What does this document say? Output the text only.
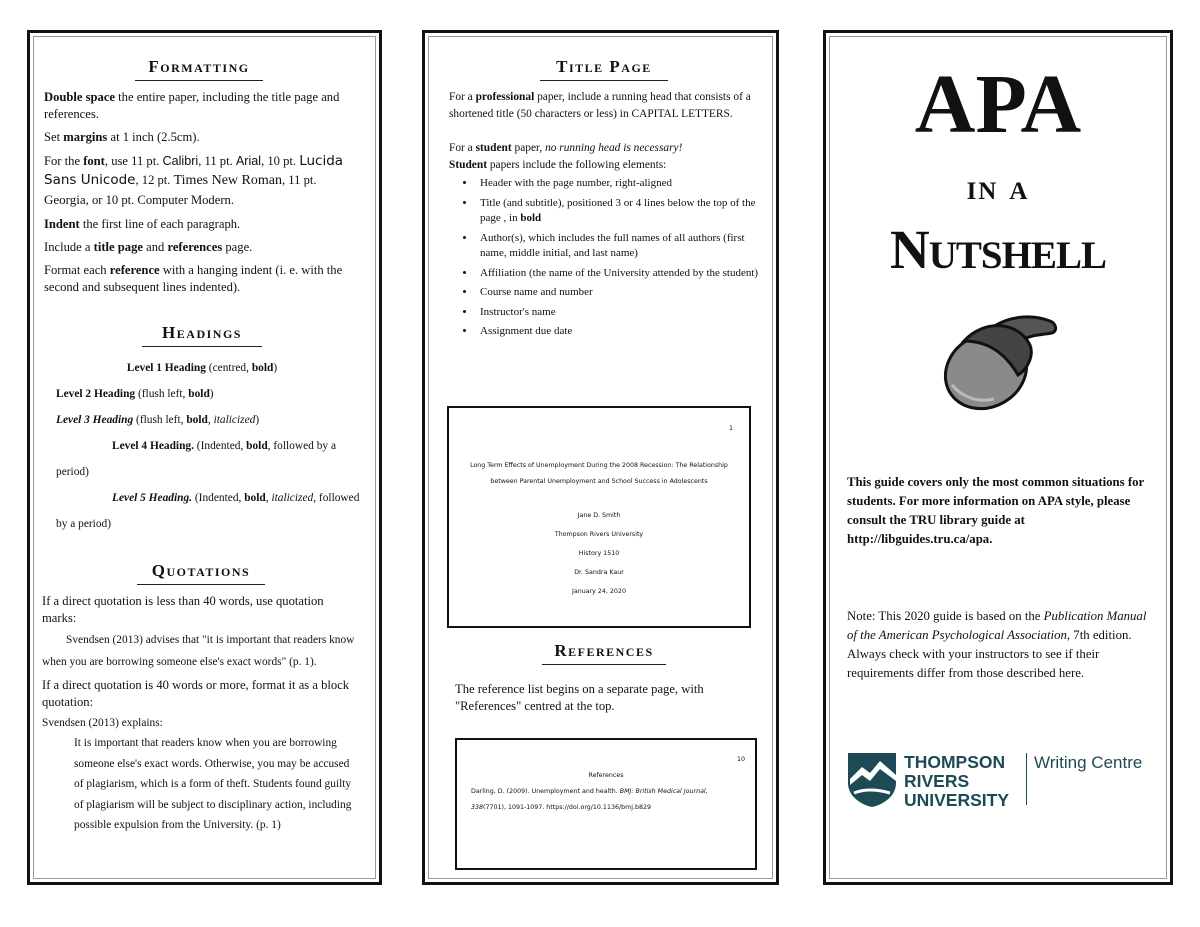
Formatting

Double space the entire paper, including the title page and references.

Set margins at 1 inch (2.5cm).

For the font, use 11 pt. Calibri, 11 pt. Arial, 10 pt. Lucida Sans Unicode, 12 pt. Times New Roman, 11 pt. Georgia, or 10 pt. Computer Modern.

Indent the first line of each paragraph.

Include a title page and references page.

Format each reference with a hanging indent (i. e. with the second and subsequent lines indented).

Headings

Level 1 Heading (centred, bold)

Level 2 Heading (flush left, bold)

Level 3 Heading (flush left, bold, italicized)

Level 4 Heading. (Indented, bold, followed by a period)

Level 5 Heading. (Indented, bold, italicized, followed by a period)

Quotations

If a direct quotation is less than 40 words, use quotation marks:

Svendsen (2013) advises that "it is important that readers know when you are borrowing someone else's exact words" (p. 1).

If a direct quotation is 40 words or more, format it as a block quotation:

Svendsen (2013) explains:

It is important that readers know when you are borrowing someone else's exact words. Otherwise, you may be accused of plagiarism, which is a form of theft. Students found guilty of plagiarism will be subject to disciplinary action, including possible expulsion from the University. (p. 1)

Title Page

For a professional paper, include a running head that consists of a shortened title (50 characters or less) in CAPITAL LETTERS.

For a student paper, no running head is necessary!

Student papers include the following elements:

• Header with the page number, right-aligned
• Title (and subtitle), positioned 3 or 4 lines below the top of the page , in bold
• Author(s), which includes the full names of all authors (first name, middle initial, and last name)
• Affiliation (the name of the University attended by the student)
• Course name and number
• Instructor's name
• Assignment due date
1
Long Term Effects of Unemployment During the 2008 Recession: The Relationship between Parental Unemployment and School Success in Adolescents
Jane D. Smith
Thompson Rivers University
History 1510
Dr. Sandra Kaur
January 24, 2020
References

The reference list begins on a separate page, with "References" centred at the top.

10
References
Darling, D. (2009). Unemployment and health. BMJ: British Medical Journal, 338(7701), 1091-1097. https://doi.org/10.1136/bmj.b829
APA
in a
Nutshell

This guide covers only the most common situations for students. For more information on APA style, please consult the TRU library guide at http://libguides.tru.ca/apa.

Note: This 2020 guide is based on the Publication Manual of the American Psychological Association, 7th edition. Always check with your instructors to see if their requirements differ from those described here.

THOMPSON
RIVERS
UNIVERSITY
Writing Centre
